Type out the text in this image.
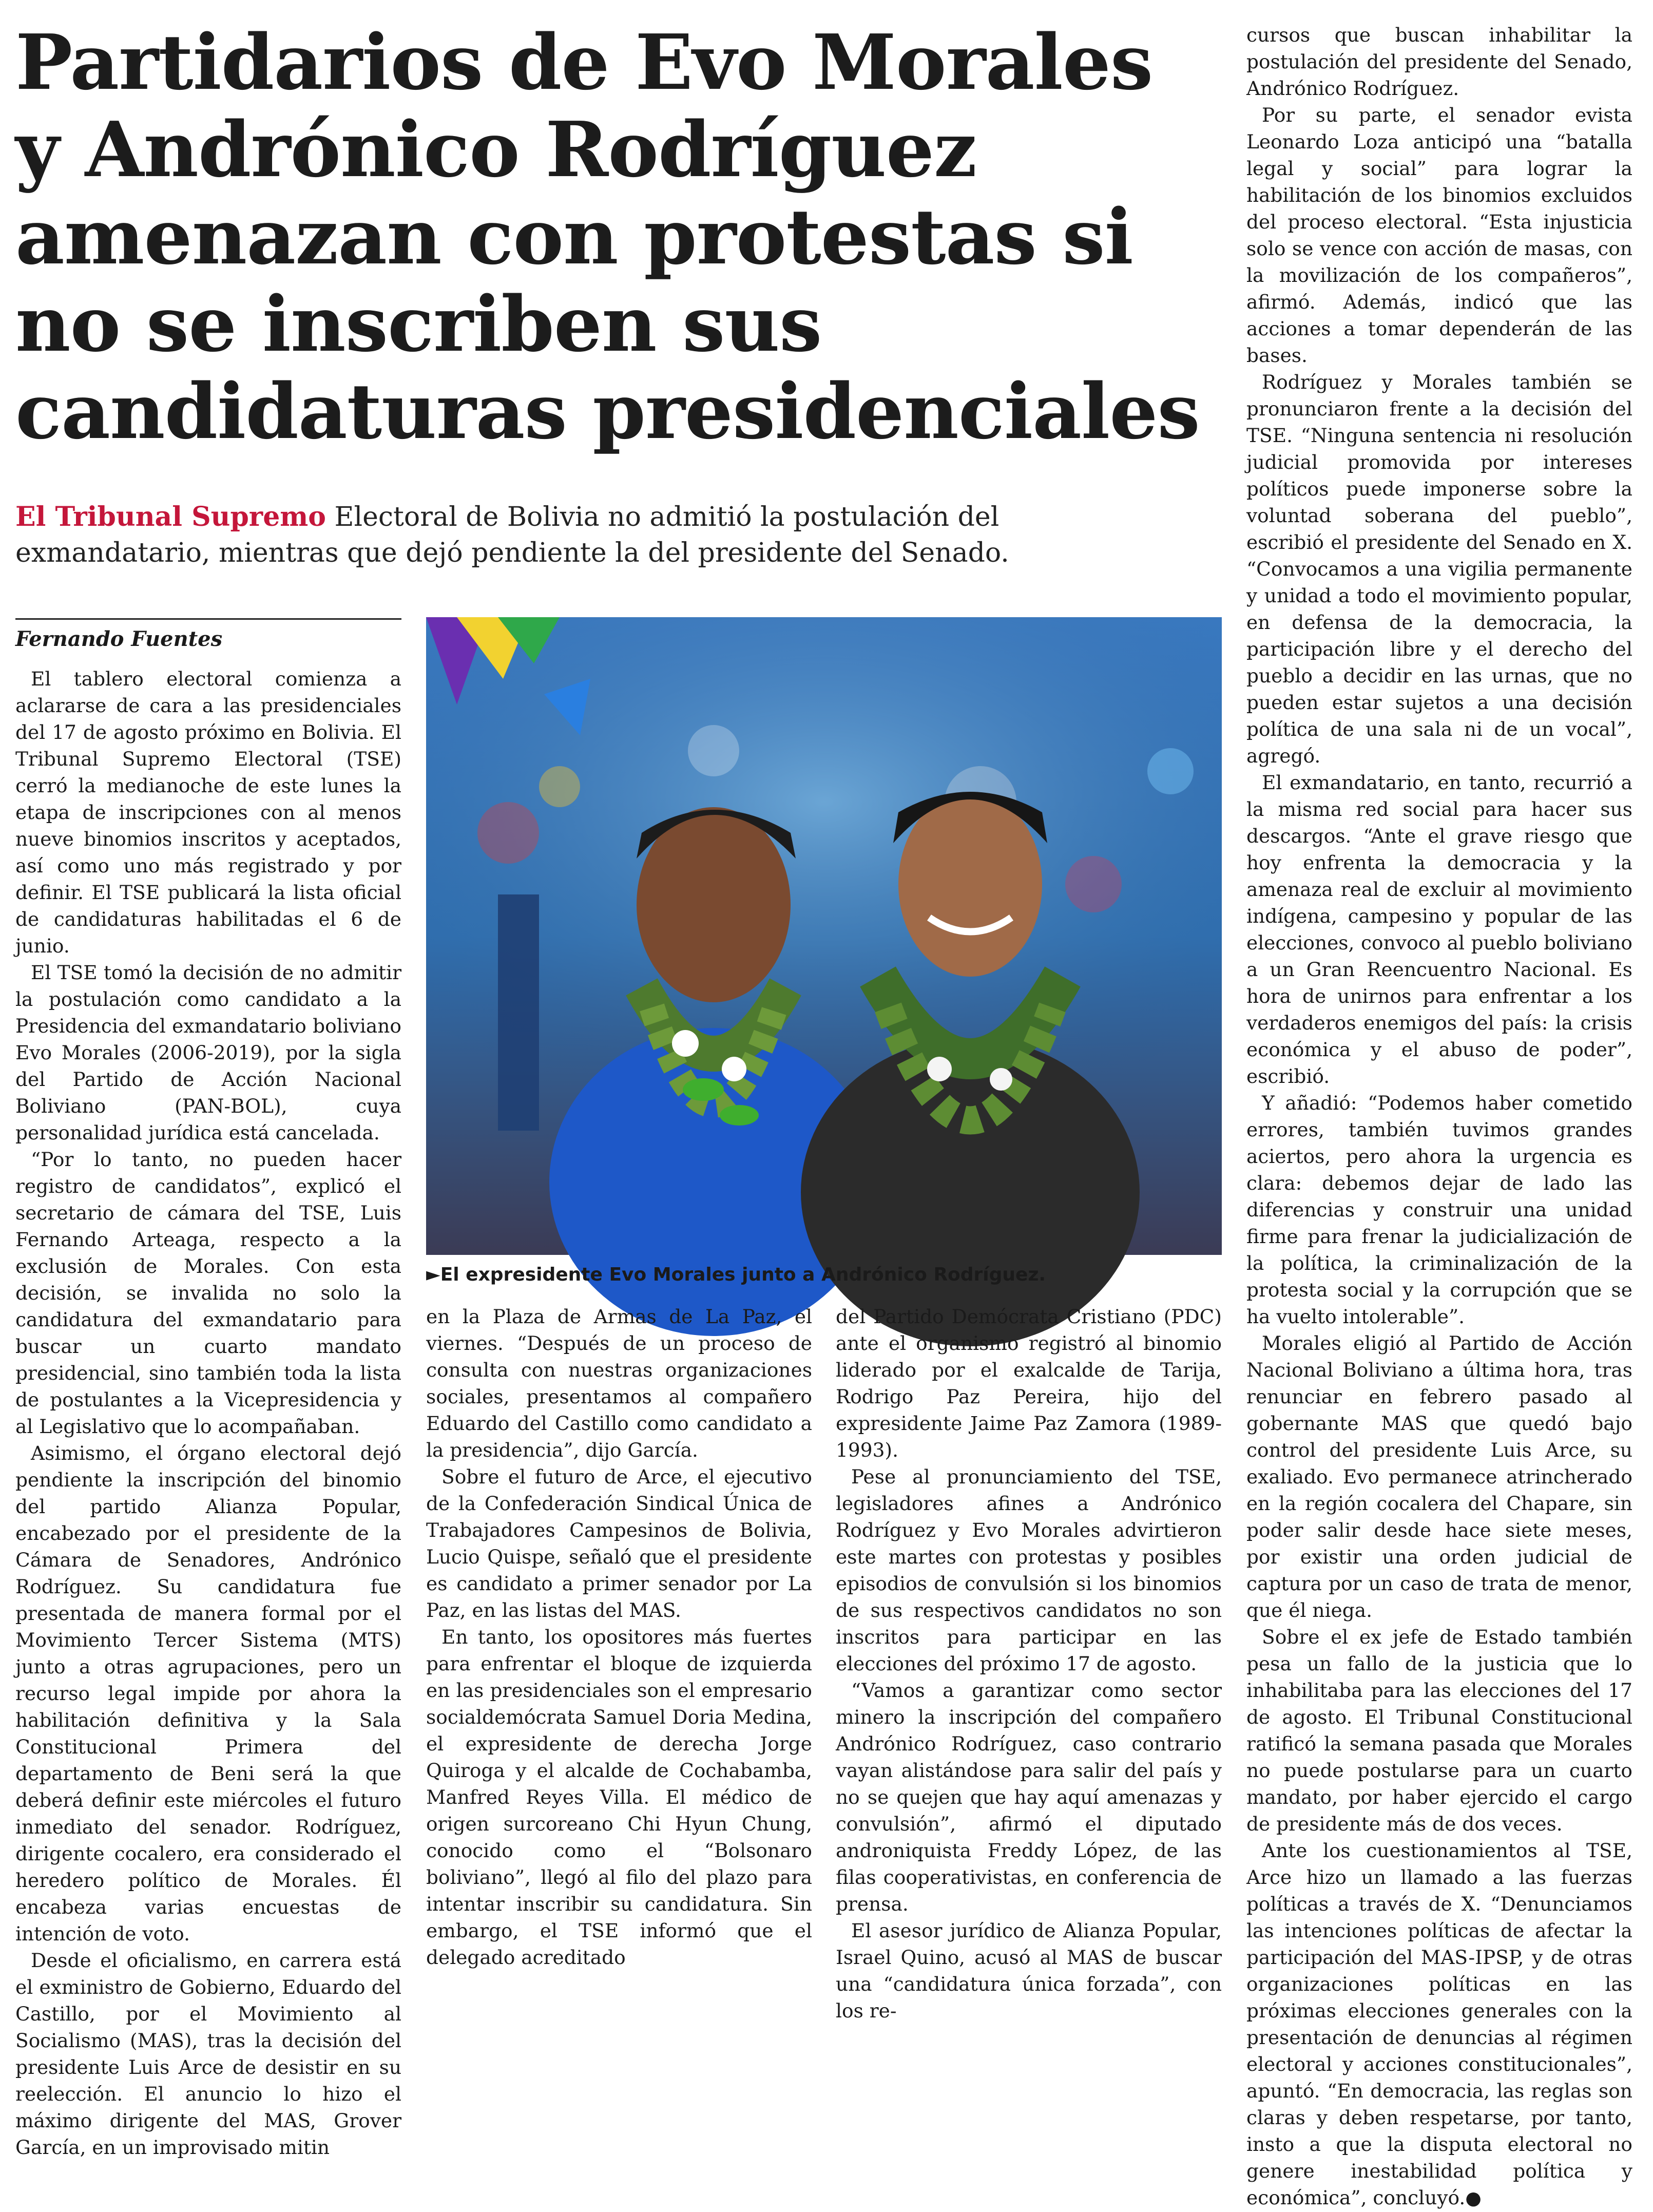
Partidarios de Evo Morales y Andrónico Rodríguez amenazan con protestas si no se inscriben sus candidaturas presidenciales
El Tribunal Supremo Electoral de Bolivia no admitió la postulación del exmandatario, mientras que dejó pendiente la del presidente del Senado.
Fernando Fuentes

El tablero electoral comienza a aclararse de cara a las presidenciales del 17 de agosto próximo en Bolivia. El Tribunal Supremo Electoral (TSE) cerró la medianoche de este lunes la etapa de inscripciones con al menos nueve binomios inscritos y aceptados, así como uno más registrado y por definir. El TSE publicará la lista oficial de candidaturas habilitadas el 6 de junio.

El TSE tomó la decisión de no admitir la postulación como candidato a la Presidencia del exmandatario boliviano Evo Morales (2006-2019), por la sigla del Partido de Acción Nacional Boliviano (PAN-BOL), cuya personalidad jurídica está cancelada.

“Por lo tanto, no pueden hacer registro de candidatos”, explicó el secretario de cámara del TSE, Luis Fernando Arteaga, respecto a la exclusión de Morales. Con esta decisión, se invalida no solo la candidatura del exmandatario para buscar un cuarto mandato presidencial, sino también toda la lista de postulantes a la Vicepresidencia y al Legislativo que lo acompañaban.

Asimismo, el órgano electoral dejó pendiente la inscripción del binomio del partido Alianza Popular, encabezado por el presidente de la Cámara de Senadores, Andrónico Rodríguez. Su candidatura fue presentada de manera formal por el Movimiento Tercer Sistema (MTS) junto a otras agrupaciones, pero un recurso legal impide por ahora la habilitación definitiva y la Sala Constitucional Primera del departamento de Beni será la que deberá definir este miércoles el futuro inmediato del senador. Rodríguez, dirigente cocalero, era considerado el heredero político de Morales. Él encabeza varias encuestas de intención de voto.

Desde el oficialismo, en carrera está el exministro de Gobierno, Eduardo del Castillo, por el Movimiento al Socialismo (MAS), tras la decisión del presidente Luis Arce de desistir en su reelección. El anuncio lo hizo el máximo dirigente del MAS, Grover García, en un improvisado mitin

►El expresidente Evo Morales junto a Andrónico Rodríguez.

en la Plaza de Armas de La Paz, el viernes. “Después de un proceso de consulta con nuestras organizaciones sociales, presentamos al compañero Eduardo del Castillo como candidato a la presidencia”, dijo García.

Sobre el futuro de Arce, el ejecutivo de la Confederación Sindical Única de Trabajadores Campesinos de Bolivia, Lucio Quispe, señaló que el presidente es candidato a primer senador por La Paz, en las listas del MAS.

En tanto, los opositores más fuertes para enfrentar el bloque de izquierda en las presidenciales son el empresario socialdemócrata Samuel Doria Medina, el expresidente de derecha Jorge Quiroga y el alcalde de Cochabamba, Manfred Reyes Villa. El médico de origen surcoreano Chi Hyun Chung, conocido como el “Bolsonaro boliviano”, llegó al filo del plazo para intentar inscribir su candidatura. Sin embargo, el TSE informó que el delegado acreditado

del Partido Demócrata Cristiano (PDC) ante el organismo registró al binomio liderado por el exalcalde de Tarija, Rodrigo Paz Pereira, hijo del expresidente Jaime Paz Zamora (1989-1993).

Pese al pronunciamiento del TSE, legisladores afines a Andrónico Rodríguez y Evo Morales advirtieron este martes con protestas y posibles episodios de convulsión si los binomios de sus respectivos candidatos no son inscritos para participar en las elecciones del próximo 17 de agosto.

“Vamos a garantizar como sector minero la inscripción del compañero Andrónico Rodríguez, caso contrario vayan alistándose para salir del país y no se quejen que hay aquí amenazas y convulsión”, afirmó el diputado androniquista Freddy López, de las filas cooperativistas, en conferencia de prensa.

El asesor jurídico de Alianza Popular, Israel Quino, acusó al MAS de buscar una “candidatura única forzada”, con los re-

cursos que buscan inhabilitar la postulación del presidente del Senado, Andrónico Rodríguez.

Por su parte, el senador evista Leonardo Loza anticipó una “batalla legal y social” para lograr la habilitación de los binomios excluidos del proceso electoral. “Esta injusticia solo se vence con acción de masas, con la movilización de los compañeros”, afirmó. Además, indicó que las acciones a tomar dependerán de las bases.

Rodríguez y Morales también se pronunciaron frente a la decisión del TSE. “Ninguna sentencia ni resolución judicial promovida por intereses políticos puede imponerse sobre la voluntad soberana del pueblo”, escribió el presidente del Senado en X. “Convocamos a una vigilia permanente y unidad a todo el movimiento popular, en defensa de la democracia, la participación libre y el derecho del pueblo a decidir en las urnas, que no pueden estar sujetos a una decisión política de una sala ni de un vocal”, agregó.

El exmandatario, en tanto, recurrió a la misma red social para hacer sus descargos. “Ante el grave riesgo que hoy enfrenta la democracia y la amenaza real de excluir al movimiento indígena, campesino y popular de las elecciones, convoco al pueblo boliviano a un Gran Reencuentro Nacional. Es hora de unirnos para enfrentar a los verdaderos enemigos del país: la crisis económica y el abuso de poder”, escribió.

Y añadió: “Podemos haber cometido errores, también tuvimos grandes aciertos, pero ahora la urgencia es clara: debemos dejar de lado las diferencias y construir una unidad firme para frenar la judicialización de la política, la criminalización de la protesta social y la corrupción que se ha vuelto intolerable”.

Morales eligió al Partido de Acción Nacional Boliviano a última hora, tras renunciar en febrero pasado al gobernante MAS que quedó bajo control del presidente Luis Arce, su exaliado. Evo permanece atrincherado en la región cocalera del Chapare, sin poder salir desde hace siete meses, por existir una orden judicial de captura por un caso de trata de menor, que él niega.

Sobre el ex jefe de Estado también pesa un fallo de la justicia que lo inhabilitaba para las elecciones del 17 de agosto. El Tribunal Constitucional ratificó la semana pasada que Morales no puede postularse para un cuarto mandato, por haber ejercido el cargo de presidente más de dos veces.

Ante los cuestionamientos al TSE, Arce hizo un llamado a las fuerzas políticas a través de X. “Denunciamos las intenciones políticas de afectar la participación del MAS-IPSP, y de otras organizaciones políticas en las próximas elecciones generales con la presentación de denuncias al régimen electoral y acciones constitucionales”, apuntó. “En democracia, las reglas son claras y deben respetarse, por tanto, insto a que la disputa electoral no genere inestabilidad política y económica”, concluyó.●
